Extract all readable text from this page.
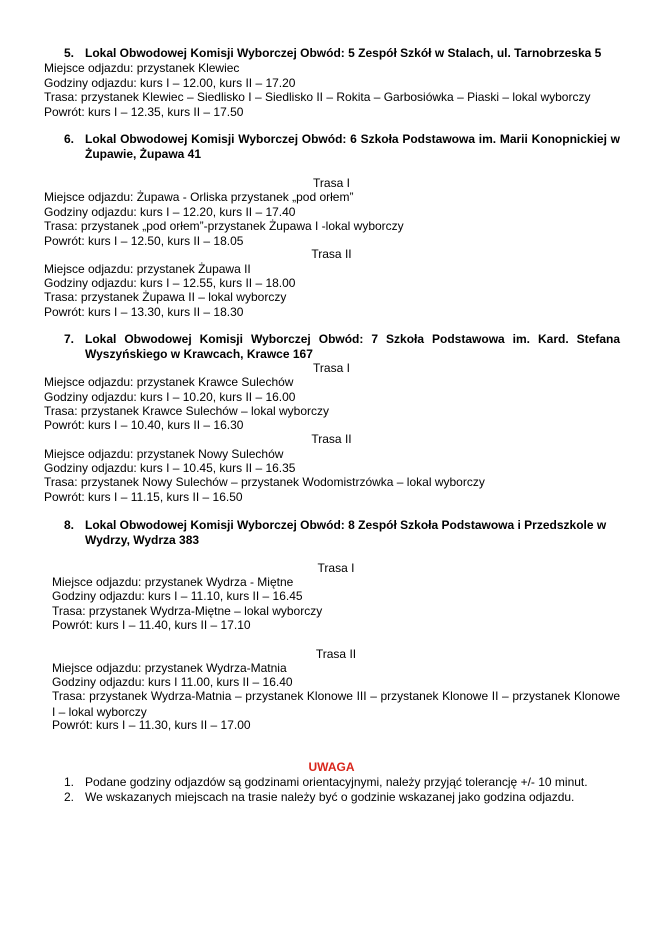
5. Lokal Obwodowej Komisji Wyborczej Obwód: 5 Zespół Szkół w Stalach, ul. Tarnobrzeska 5
Miejsce odjazdu: przystanek Klewiec
Godziny odjazdu: kurs I – 12.00, kurs II – 17.20
Trasa: przystanek Klewiec – Siedlisko I – Siedlisko II – Rokita – Garbosiówka – Piaski – lokal wyborczy
Powrót: kurs I – 12.35, kurs II – 17.50
6. Lokal Obwodowej Komisji Wyborczej Obwód: 6 Szkoła Podstawowa im. Marii Konopnickiej w Żupawie, Żupawa 41
Trasa I
Miejsce odjazdu: Żupawa - Orliska przystanek „pod orłem”
Godziny odjazdu: kurs I – 12.20, kurs II – 17.40
Trasa: przystanek „pod orłem”-przystanek Żupawa I -lokal wyborczy
Powrót: kurs I – 12.50, kurs II – 18.05
Trasa II
Miejsce odjazdu: przystanek Żupawa II
Godziny odjazdu: kurs I – 12.55, kurs II – 18.00
Trasa: przystanek Żupawa II – lokal wyborczy
Powrót: kurs I – 13.30, kurs II – 18.30
7. Lokal Obwodowej Komisji Wyborczej Obwód: 7 Szkoła Podstawowa im. Kard. Stefana Wyszyńskiego w Krawcach, Krawce 167
Trasa I
Miejsce odjazdu: przystanek Krawce Sulechów
Godziny odjazdu: kurs I – 10.20, kurs II – 16.00
Trasa: przystanek Krawce Sulechów – lokal wyborczy
Powrót: kurs I – 10.40, kurs II – 16.30
Trasa II
Miejsce odjazdu: przystanek Nowy Sulechów
Godziny odjazdu: kurs I – 10.45, kurs II – 16.35
Trasa: przystanek Nowy Sulechów – przystanek Wodomistrzówka – lokal wyborczy
Powrót: kurs I – 11.15, kurs II – 16.50
8. Lokal Obwodowej Komisji Wyborczej Obwód: 8 Zespół Szkoła Podstawowa i Przedszkole w Wydrzy, Wydrza 383
Trasa I
Miejsce odjazdu: przystanek Wydrza - Miętne
Godziny odjazdu: kurs I – 11.10, kurs II – 16.45
Trasa: przystanek Wydrza-Miętne – lokal wyborczy
Powrót: kurs I – 11.40, kurs II – 17.10
Trasa II
Miejsce odjazdu: przystanek Wydrza-Matnia
Godziny odjazdu: kurs I 11.00, kurs II – 16.40
Trasa: przystanek Wydrza-Matnia – przystanek Klonowe III – przystanek Klonowe II – przystanek Klonowe I – lokal wyborczy
Powrót: kurs I – 11.30, kurs II – 17.00
UWAGA
1. Podane godziny odjazdów są godzinami orientacyjnymi, należy przyjąć tolerancję +/- 10 minut.
2. We wskazanych miejscach na trasie należy być o godzinie wskazanej jako godzina odjazdu.
